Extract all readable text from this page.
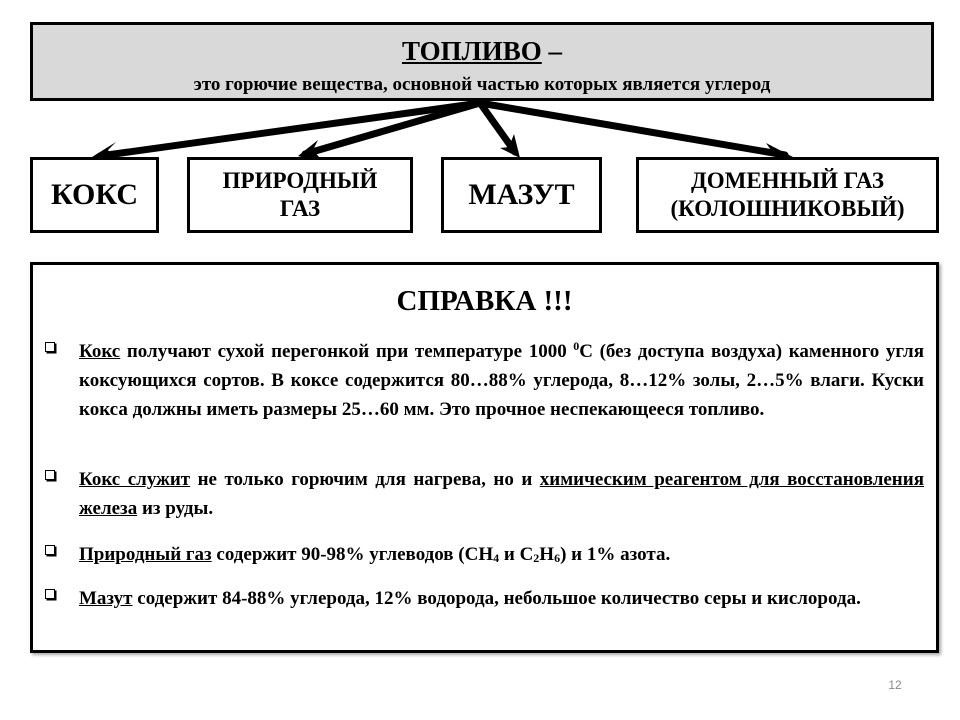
ТОПЛИВО –
это горючие вещества, основной частью которых является углерод
КОКС	ПРИРОДНЫЙ
ГАЗ	МАЗУТ	ДОМЕННЫЙ ГАЗ
(КОЛОШНИКОВЫЙ)
СПРАВКА !!!
Кокс получают сухой перегонкой при температуре 1000 $^0$С (без доступа воздуха) каменного угля коксующихся сортов. В коксе содержится 80…88% углерода, 8…12% золы, 2…5% влаги. Куски кокса должны иметь размеры 25…60 мм. Это прочное неспекающееся топливо.
Кокс служит не только горючим для нагрева, но и химическим реагентом для восстановления железа из руды.
Природный газ содержит 90-98% углеводов ($СН_4$ и $С_2Н_6$) и 1% азота.
Мазут содержит 84-88% углерода, 12% водорода, небольшое количество серы и кислорода.
12
